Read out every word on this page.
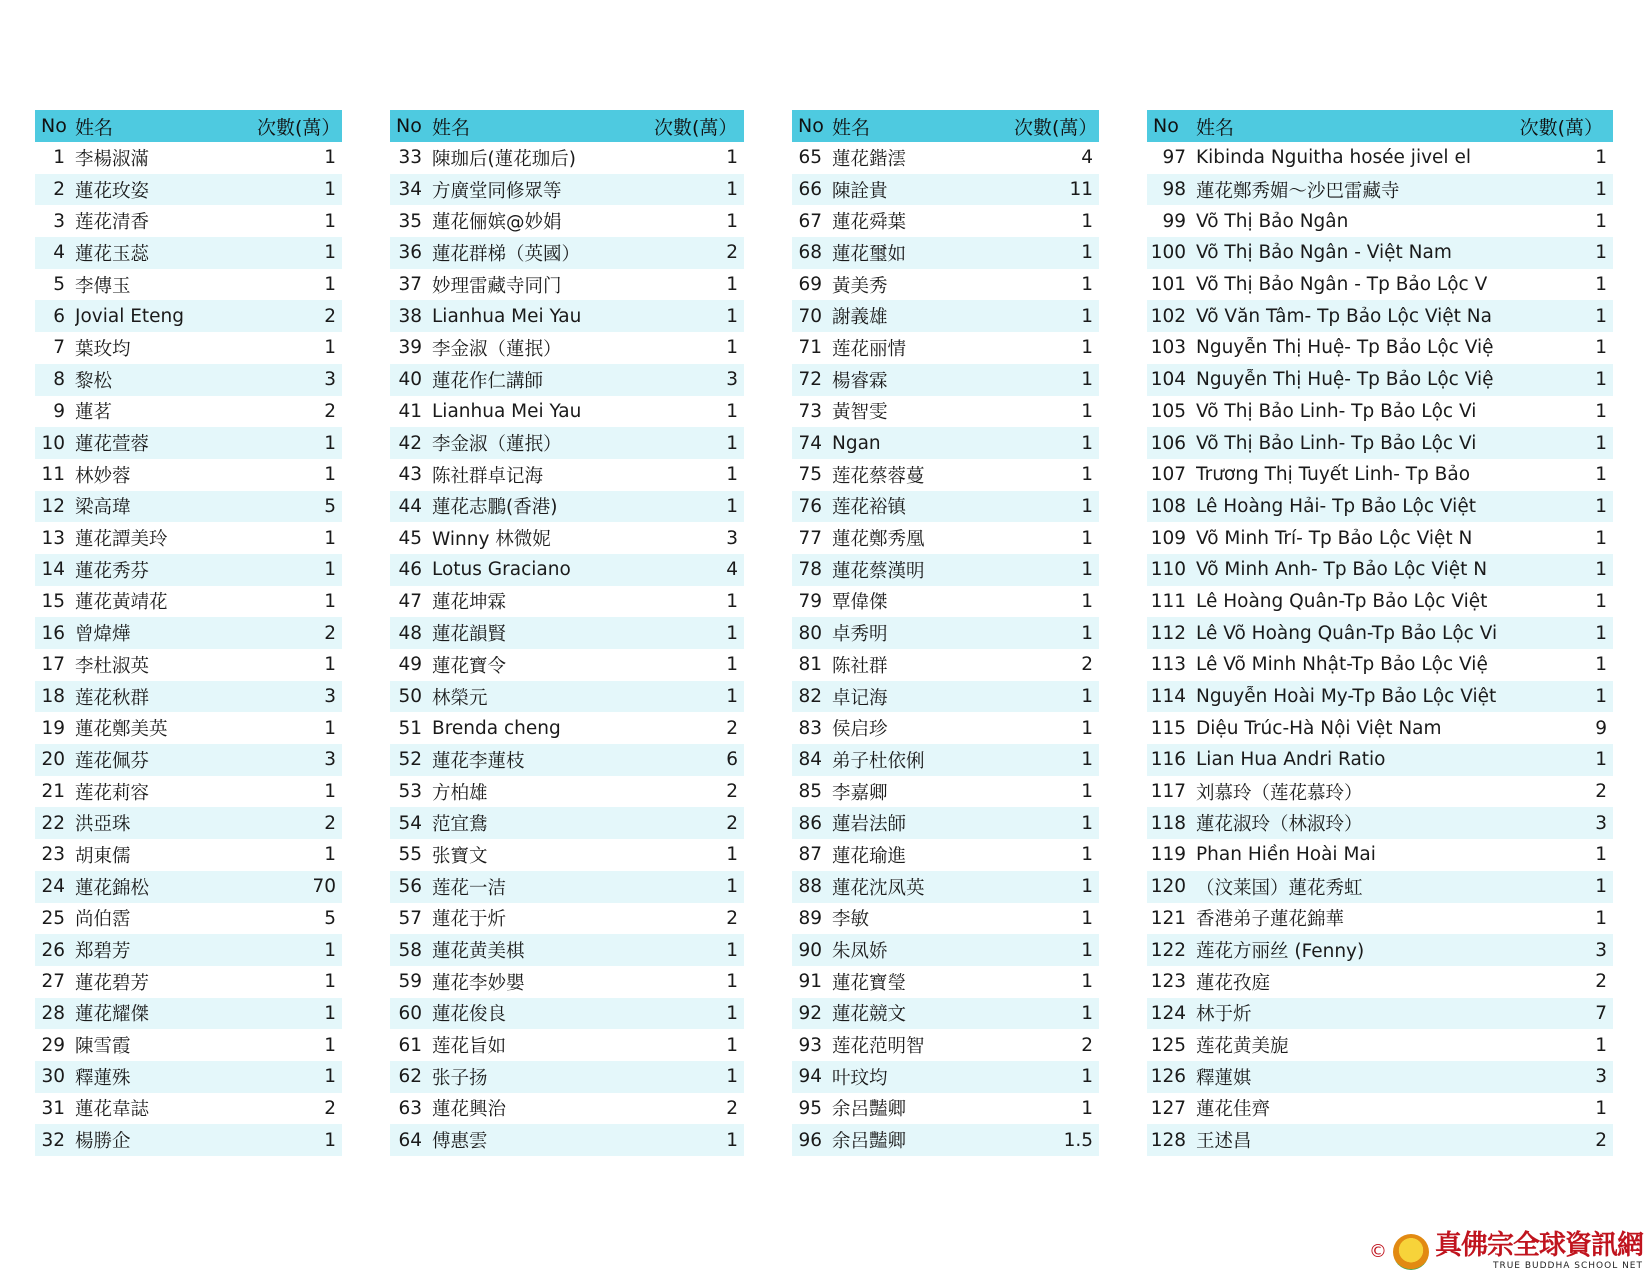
No 姓名	次數(萬）
1 李楊淑滿	1
2 蓮花玫姿	1
3 莲花清香	1
4 蓮花玉蕊	1
5 李傳玉	1
6 Jovial Eteng	2
7 葉玫均	1
8 黎松	3
9 蓮茗	2
10 蓮花萱蓉	1
11 林妙蓉	1
12 梁高瑋	5
13 蓮花譚美玲	1
14 蓮花秀芬	1
15 蓮花黃靖花	1
16 曾煒燁	2
17 李杜淑英	1
18 莲花秋群	3
19 蓮花鄭美英	1
20 莲花佩芬	3
21 莲花莉容	1
22 洪亞珠	2
23 胡東儒	1
24 蓮花錦松	70
25 尚伯霑	5
26 郑碧芳	1
27 蓮花碧芳	1
28 蓮花耀傑	1
29 陳雪霞	1
30 釋蓮殊	1
31 蓮花韋誌	2
32 楊勝企	1
No 姓名	次數(萬）
33 陳珈后(蓮花珈后)	1
34 方廣堂同修眾等	1
35 蓮花俪嫔@妙娟	1
36 蓮花群梯（英國）	2
37 妙理雷藏寺同门	1
38 Lianhua Mei Yau	1
39 李金淑（蓮抿）	1
40 蓮花作仁講師	3
41 Lianhua Mei Yau	1
42 李金淑（蓮抿）	1
43 陈社群卓记海	1
44 蓮花志鵬(香港)	1
45 Winny 林微妮	3
46 Lotus Graciano	4
47 蓮花坤霖	1
48 蓮花韻賢	1
49 蓮花寶令	1
50 林榮元	1
51 Brenda cheng	2
52 蓮花李蓮枝	6
53 方柏雄	2
54 范宜鴦	2
55 张寶文	1
56 莲花一洁	1
57 蓮花于炘	2
58 蓮花黄美棋	1
59 蓮花李妙嬰	1
60 蓮花俊良	1
61 莲花旨如	1
62 张子扬	1
63 蓮花興治	2
64 傅惠雲	1
No 姓名	次數(萬）
65 蓮花鍇澐	4
66 陳詮貴	11
67 蓮花舜葉	1
68 蓮花璽如	1
69 黃美秀	1
70 謝義雄	1
71 莲花丽情	1
72 楊睿霖	1
73 黃智雯	1
74 Ngan	1
75 莲花蔡蓉蔓	1
76 莲花裕镇	1
77 蓮花鄭秀凰	1
78 蓮花蔡漢明	1
79 覃偉傑	1
80 卓秀明	1
81 陈社群	2
82 卓记海	1
83 侯启珍	1
84 弟子杜依俐	1
85 李嘉卿	1
86 蓮岩法師	1
87 蓮花瑜進	1
88 蓮花沈凤英	1
89 李敏	1
90 朱凤娇	1
91 蓮花寶瑩	1
92 蓮花競文	1
93 莲花范明智	2
94 叶玟均	1
95 余呂豔卿	1
96 余呂豔卿	1.5
No 姓名	次數(萬）
97 Kibinda Nguitha hosée jivel el	1
98 蓮花鄭秀媚～沙巴雷藏寺	1
99 Võ Thị Bảo Ngân	1
100 Võ Thị Bảo Ngân - Việt Nam	1
101 Võ Thị Bảo Ngân - Tp Bảo Lộc V	1
102 Võ Văn Tâm- Tp Bảo Lộc Việt Na	1
103 Nguyễn Thị Huệ- Tp Bảo Lộc Việ	1
104 Nguyễn Thị Huệ- Tp Bảo Lộc Việ	1
105 Võ Thị Bảo Linh- Tp Bảo Lộc Vi	1
106 Võ Thị Bảo Linh- Tp Bảo Lộc Vi	1
107 Trương Thị Tuyết Linh- Tp Bảo	1
108 Lê Hoàng Hải- Tp Bảo Lộc Việt	1
109 Võ Minh Trí- Tp Bảo Lộc Việt N	1
110 Võ Minh Anh- Tp Bảo Lộc Việt N	1
111 Lê Hoàng Quân-Tp Bảo Lộc Việt	1
112 Lê Võ Hoàng Quân-Tp Bảo Lộc Vi	1
113 Lê Võ Minh Nhật-Tp Bảo Lộc Việ	1
114 Nguyễn Hoài My-Tp Bảo Lộc Việt	1
115 Diệu Trúc-Hà Nội Việt Nam	9
116 Lian Hua Andri Ratio	1
117 刘慕玲（莲花慕玲）	2
118 蓮花淑玲（林淑玲）	3
119 Phan Hiền Hoài Mai	1
120 （汶莱国）蓮花秀虹	1
121 香港弟子蓮花錦華	1
122 莲花方丽丝 (Fenny)	3
123 蓮花孜庭	2
124 林于炘	7
125 莲花黄美旎	1
126 釋蓮娸	3
127 蓮花佳齊	1
128 王述昌	2
© 真佛宗全球資訊網
TRUE BUDDHA SCHOOL NET
